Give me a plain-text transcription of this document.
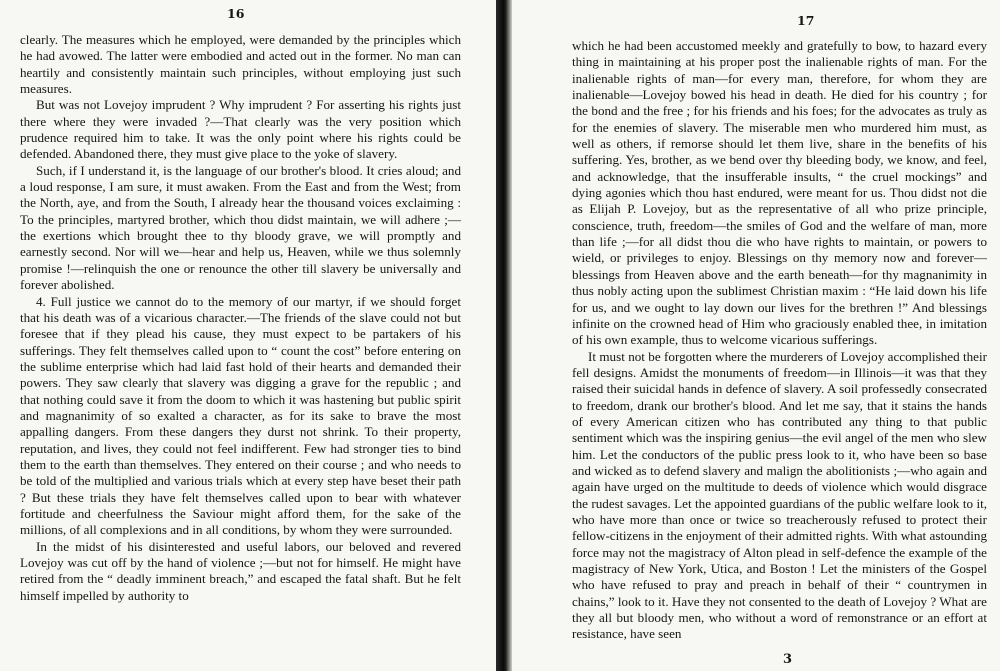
16

clearly. The measures which he employed, were demanded by the principles which he had avowed. The latter were embodied and acted out in the former. No man can heartily and consistently maintain such principles, without employing just such measures.

But was not Lovejoy imprudent ? Why imprudent ? For asserting his rights just there where they were invaded ?—That clearly was the very position which prudence required him to take. It was the only point where his rights could be defended. Abandoned there, they must give place to the yoke of slavery.

Such, if I understand it, is the language of our brother's blood. It cries aloud; and a loud response, I am sure, it must awaken. From the East and from the West; from the North, aye, and from the South, I already hear the thousand voices exclaiming : To the principles, martyred brother, which thou didst maintain, we will adhere ;—the exertions which brought thee to thy bloody grave, we will promptly and earnestly second. Nor will we—hear and help us, Heaven, while we thus solemnly promise !—relinquish the one or renounce the other till slavery be universally and forever abolished.

4. Full justice we cannot do to the memory of our martyr, if we should forget that his death was of a vicarious character.—The friends of the slave could not but foresee that if they plead his cause, they must expect to be partakers of his sufferings. They felt themselves called upon to “ count the cost” before entering on the sublime enterprise which had laid fast hold of their hearts and demanded their powers. They saw clearly that slavery was digging a grave for the republic ; and that nothing could save it from the doom to which it was hastening but public spirit and magnanimity of so exalted a character, as for its sake to brave the most appalling dangers. From these dangers they durst not shrink. To their property, reputation, and lives, they could not feel indifferent. Few had stronger ties to bind them to the earth than themselves. They entered on their course ; and who needs to be told of the multiplied and various trials which at every step have beset their path ? But these trials they have felt themselves called upon to bear with whatever fortitude and cheerfulness the Saviour might afford them, for the sake of the millions, of all complexions and in all conditions, by whom they were surrounded.

In the midst of his disinterested and useful labors, our beloved and revered Lovejoy was cut off by the hand of violence ;—but not for himself. He might have retired from the “ deadly imminent breach,” and escaped the fatal shaft. But he felt himself impelled by authority to

17

which he had been accustomed meekly and gratefully to bow, to hazard every thing in maintaining at his proper post the inalienable rights of man. For the inalienable rights of man—for every man, therefore, for whom they are inalienable—Lovejoy bowed his head in death. He died for his country ; for the bond and the free ; for his friends and his foes; for the advocates as truly as for the enemies of slavery. The miserable men who murdered him must, as well as others, if remorse should let them live, share in the benefits of his suffering. Yes, brother, as we bend over thy bleeding body, we know, and feel, and acknowledge, that the insufferable insults, “ the cruel mockings” and dying agonies which thou hast endured, were meant for us. Thou didst not die as Elijah P. Lovejoy, but as the representative of all who prize principle, conscience, truth, freedom—the smiles of God and the welfare of man, more than life ;—for all didst thou die who have rights to maintain, or powers to wield, or privileges to enjoy. Blessings on thy memory now and forever—blessings from Heaven above and the earth beneath—for thy magnanimity in thus nobly acting upon the sublimest Christian maxim : “He laid down his life for us, and we ought to lay down our lives for the brethren !” And blessings infinite on the crowned head of Him who graciously enabled thee, in imitation of his own example, thus to welcome vicarious sufferings.

It must not be forgotten where the murderers of Lovejoy accomplished their fell designs. Amidst the monuments of freedom—in Illinois—it was that they raised their suicidal hands in defence of slavery. A soil professedly consecrated to freedom, drank our brother's blood. And let me say, that it stains the hands of every American citizen who has contributed any thing to that public sentiment which was the inspiring genius—the evil angel of the men who slew him. Let the conductors of the public press look to it, who have been so base and wicked as to defend slavery and malign the abolitionists ;—who again and again have urged on the multitude to deeds of violence which would disgrace the rudest savages. Let the appointed guardians of the public welfare look to it, who have more than once or twice so treacherously refused to protect their fellow-citizens in the enjoyment of their admitted rights. With what astounding force may not the magistracy of Alton plead in self-defence the example of the magistracy of New York, Utica, and Boston ! Let the ministers of the Gospel who have refused to pray and preach in behalf of their “ countrymen in chains,” look to it. Have they not consented to the death of Lovejoy ? What are they all but bloody men, who without a word of remonstrance or an effort at resistance, have seen

3
